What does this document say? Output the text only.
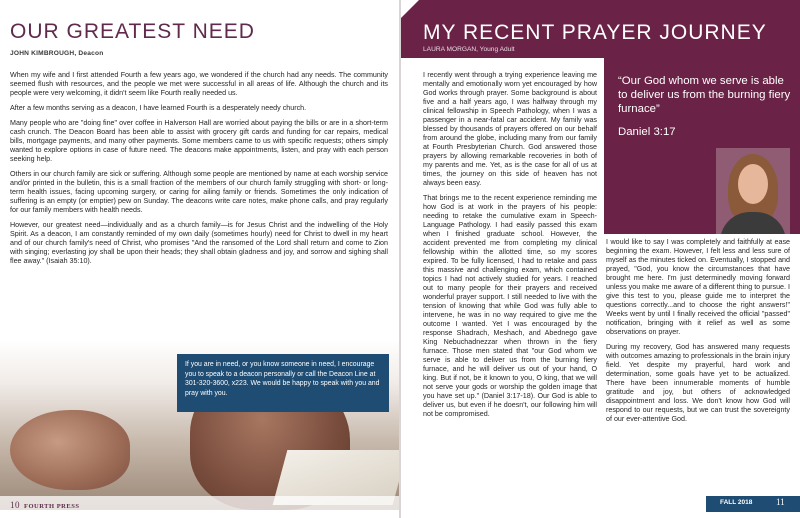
OUR GREATEST NEED
JOHN KIMBROUGH, Deacon

When my wife and I first attended Fourth a few years ago, we wondered if the church had any needs. The community seemed flush with resources, and the people we met were successful in all areas of life. Although the church and its people were very welcoming, it didn't seem like Fourth really needed us.

After a few months serving as a deacon, I have learned Fourth is a desperately needy church.

Many people who are "doing fine" over coffee in Halverson Hall are worried about paying the bills or are in a short-term cash crunch. The Deacon Board has been able to assist with grocery gift cards and funding for car repairs, medical bills, mortgage payments, and many other payments. Some members came to us with specific requests; others simply wanted to explore options in case of future need. The deacons make appointments, listen, and pray with each person seeking help.

Others in our church family are sick or suffering. Although some people are mentioned by name at each worship service and/or printed in the bulletin, this is a small fraction of the members of our church family struggling with short- or long-term health issues, facing upcoming surgery, or caring for ailing family or friends. Sometimes the only indication of suffering is an empty (or emptier) pew on Sunday. The deacons write care notes, make phone calls, and pray regularly for our family members with health needs.

However, our greatest need—individually and as a church family—is for Jesus Christ and the indwelling of the Holy Spirit. As a deacon, I am constantly reminded of my own daily (sometimes hourly) need for Christ to dwell in my heart and of our church family's need of Christ, who promises "And the ransomed of the Lord shall return and come to Zion with singing; everlasting joy shall be upon their heads; they shall obtain gladness and joy, and sorrow and sighing shall flee away." (Isaiah 35:10).

If you are in need, or you know someone in need, I encourage you to speak to a deacon personally or call the Deacon Line at 301-320-3600, x223. We would be happy to speak with you and pray with you.
10 FOURTH PRESS
MY RECENT PRAYER JOURNEY
LAURA MORGAN, Young Adult
“Our God whom we serve is able to deliver us from the burning fiery furnace”
Daniel 3:17

I recently went through a trying experience leaving me mentally and emotionally worn yet encouraged by how God works through prayer. Some background is about five and a half years ago, I was halfway through my clinical fellowship in Speech Pathology, when I was a passenger in a near-fatal car accident. My family was blessed by thousands of prayers offered on our behalf from around the globe, including many from our family at Fourth Presbyterian Church. God answered those prayers by allowing remarkable recoveries in both of my parents and me. Yet, as is the case for all of us at times, the journey on this side of heaven has not always been easy.

That brings me to the recent experience reminding me how God is at work in the prayers of his people: needing to retake the cumulative exam in Speech-Language Pathology. I had easily passed this exam when I finished graduate school. However, the accident prevented me from completing my clinical fellowship within the allotted time, so my scores expired. To be fully licensed, I had to retake and pass this massive and challenging exam, which contained topics I had not actively studied for years. I reached out to many people for their prayers and received wonderful prayer support. I still needed to live with the tension of knowing that while God was fully able to intervene, he was in no way required to give me the outcome I wanted. Yet I was encouraged by the response Shadrach, Meshach, and Abednego gave King Nebuchadnezzar when thrown in the fiery furnace. Those men stated that "our God whom we serve is able to deliver us from the burning fiery furnace, and he will deliver us out of your hand, O king. But if not, be it known to you, O king, that we will not serve your gods or worship the golden image that you have set up." (Daniel 3:17-18). Our God is able to deliver us, but even if he doesn't, our following him will not be compromised.

I would like to say I was completely and faithfully at ease beginning the exam. However, I felt less and less sure of myself as the minutes ticked on. Eventually, I stopped and prayed, "God, you know the circumstances that have brought me here. I'm just determinedly moving forward unless you make me aware of a different thing to pursue. I give this test to you, please guide me to interpret the questions correctly...and to choose the right answers!" Weeks went by until I finally received the official "passed" notification, bringing with it relief as well as some observations on prayer.

During my recovery, God has answered many requests with outcomes amazing to professionals in the brain injury field. Yet despite my prayerful, hard work and determination, some goals have yet to be actualized. There have been innumerable moments of humble gratitude and joy, but others of acknowledged disappointment and loss. We don't know how God will respond to our requests, but we can trust the sovereignty of our ever-attentive God.

FALL 2018	11
